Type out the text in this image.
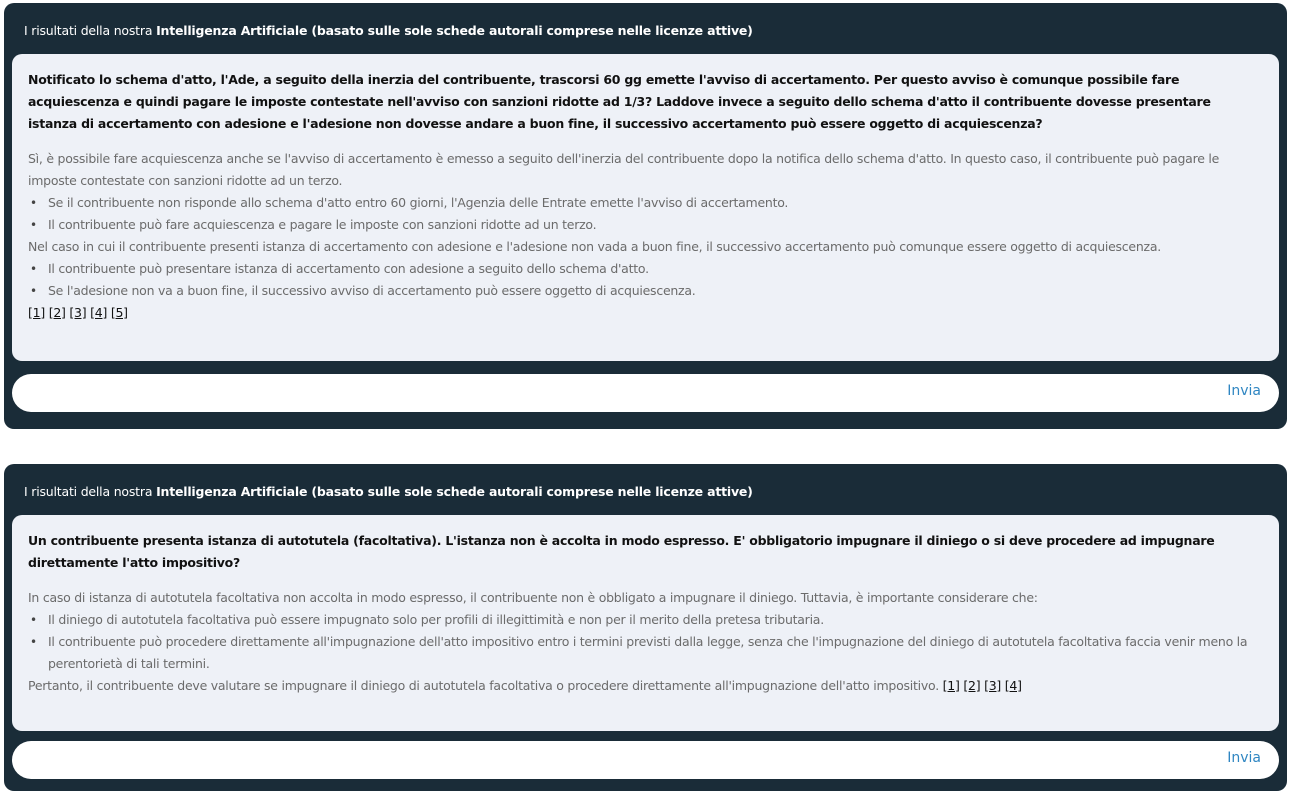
I risultati della nostra Intelligenza Artificiale (basato sulle sole schede autorali comprese nelle licenze attive)

Notificato lo schema d'atto, l'Ade, a seguito della inerzia del contribuente, trascorsi 60 gg emette l'avviso di accertamento. Per questo avviso è comunque possibile fare acquiescenza e quindi pagare le imposte contestate nell'avviso con sanzioni ridotte ad 1/3? Laddove invece a seguito dello schema d'atto il contribuente dovesse presentare istanza di accertamento con adesione e l'adesione non dovesse andare a buon fine, il successivo accertamento può essere oggetto di acquiescenza?

Sì, è possibile fare acquiescenza anche se l'avviso di accertamento è emesso a seguito dell'inerzia del contribuente dopo la notifica dello schema d'atto. In questo caso, il contribuente può pagare le imposte contestate con sanzioni ridotte ad un terzo.

• Se il contribuente non risponde allo schema d'atto entro 60 giorni, l'Agenzia delle Entrate emette l'avviso di accertamento.
• Il contribuente può fare acquiescenza e pagare le imposte con sanzioni ridotte ad un terzo.

Nel caso in cui il contribuente presenti istanza di accertamento con adesione e l'adesione non vada a buon fine, il successivo accertamento può comunque essere oggetto di acquiescenza.

• Il contribuente può presentare istanza di accertamento con adesione a seguito dello schema d'atto.
• Se l'adesione non va a buon fine, il successivo avviso di accertamento può essere oggetto di acquiescenza.

[1] [2] [3] [4] [5]

Invia
I risultati della nostra Intelligenza Artificiale (basato sulle sole schede autorali comprese nelle licenze attive)

Un contribuente presenta istanza di autotutela (facoltativa). L'istanza non è accolta in modo espresso. E' obbligatorio impugnare il diniego o si deve procedere ad impugnare direttamente l'atto impositivo?

In caso di istanza di autotutela facoltativa non accolta in modo espresso, il contribuente non è obbligato a impugnare il diniego. Tuttavia, è importante considerare che:

• Il diniego di autotutela facoltativa può essere impugnato solo per profili di illegittimità e non per il merito della pretesa tributaria.
• Il contribuente può procedere direttamente all'impugnazione dell'atto impositivo entro i termini previsti dalla legge, senza che l'impugnazione del diniego di autotutela facoltativa faccia venir meno la perentorietà di tali termini.

Pertanto, il contribuente deve valutare se impugnare il diniego di autotutela facoltativa o procedere direttamente all'impugnazione dell'atto impositivo. [1] [2] [3] [4]

Invia
